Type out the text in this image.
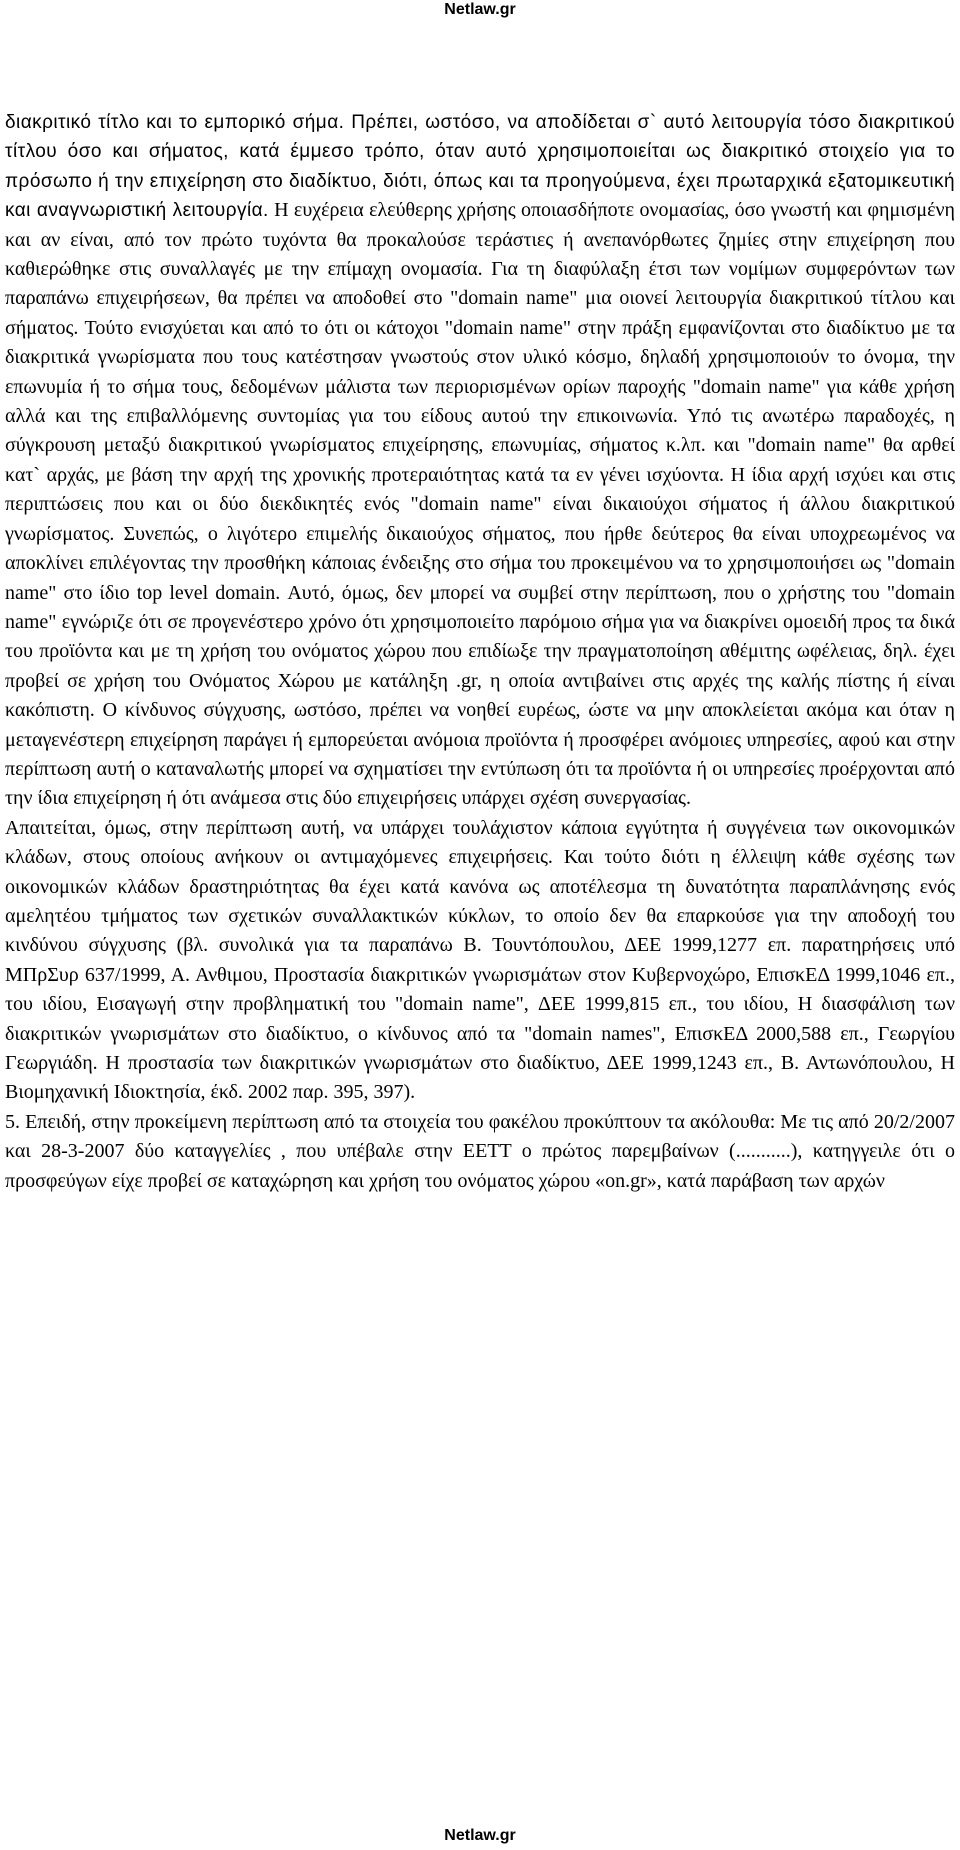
Netlaw.gr

διακριτικό τίτλο και το εμπορικό σήμα. Πρέπει, ωστόσο, να αποδίδεται σ` αυτό λειτουργία τόσο διακριτικού τίτλου όσο και σήματος, κατά έμμεσο τρόπο, όταν αυτό χρησιμοποιείται ως διακριτικό στοιχείο για το πρόσωπο ή την επιχείρηση στο διαδίκτυο, διότι, όπως και τα προηγούμενα, έχει πρωταρχικά εξατομικευτική και αναγνωριστική λειτουργία. Η ευχέρεια ελεύθερης χρήσης οποιασδήποτε ονομασίας, όσο γνωστή και φημισμένη και αν είναι, από τον πρώτο τυχόντα θα προκαλούσε τεράστιες ή ανεπανόρθωτες ζημίες στην επιχείρηση που καθιερώθηκε στις συναλλαγές με την επίμαχη ονομασία. Για τη διαφύλαξη έτσι των νομίμων συμφερόντων των παραπάνω επιχειρήσεων, θα πρέπει να αποδοθεί στο "domain name" μια οιονεί λειτουργία διακριτικού τίτλου και σήματος. Τούτο ενισχύεται και από το ότι οι κάτοχοι "domain name" στην πράξη εμφανίζονται στο διαδίκτυο με τα διακριτικά γνωρίσματα που τους κατέστησαν γνωστούς στον υλικό κόσμο, δηλαδή χρησιμοποιούν το όνομα, την επωνυμία ή το σήμα τους, δεδομένων μάλιστα των περιορισμένων ορίων παροχής "domain name" για κάθε χρήση αλλά και της επιβαλλόμενης συντομίας για του είδους αυτού την επικοινωνία. Υπό τις ανωτέρω παραδοχές, η σύγκρουση μεταξύ διακριτικού γνωρίσματος επιχείρησης, επωνυμίας, σήματος κ.λπ. και "domain name" θα αρθεί κατ` αρχάς, με βάση την αρχή της χρονικής προτεραιότητας κατά τα εν γένει ισχύοντα. Η ίδια αρχή ισχύει και στις περιπτώσεις που και οι δύο διεκδικητές ενός "domain name" είναι δικαιούχοι σήματος ή άλλου διακριτικού γνωρίσματος. Συνεπώς, ο λιγότερο επιμελής δικαιούχος σήματος, που ήρθε δεύτερος θα είναι υποχρεωμένος να αποκλίνει επιλέγοντας την προσθήκη κάποιας ένδειξης στο σήμα του προκειμένου να το χρησιμοποιήσει ως "domain name" στο ίδιο top level domain. Αυτό, όμως, δεν μπορεί να συμβεί στην περίπτωση, που ο χρήστης του "domain name" εγνώριζε ότι σε προγενέστερο χρόνο ότι χρησιμοποιείτο παρόμοιο σήμα για να διακρίνει ομοειδή προς τα δικά του προϊόντα και με τη χρήση του ονόματος χώρου που επιδίωξε την πραγματοποίηση αθέμιτης ωφέλειας, δηλ. έχει προβεί σε χρήση του Ονόματος Χώρου με κατάληξη .gr, η οποία αντιβαίνει στις αρχές της καλής πίστης ή είναι κακόπιστη. Ο κίνδυνος σύγχυσης, ωστόσο, πρέπει να νοηθεί ευρέως, ώστε να μην αποκλείεται ακόμα και όταν η μεταγενέστερη επιχείρηση παράγει ή εμπορεύεται ανόμοια προϊόντα ή προσφέρει ανόμοιες υπηρεσίες, αφού και στην περίπτωση αυτή ο καταναλωτής μπορεί να σχηματίσει την εντύπωση ότι τα προϊόντα ή οι υπηρεσίες προέρχονται από την ίδια επιχείρηση ή ότι ανάμεσα στις δύο επιχειρήσεις υπάρχει σχέση συνεργασίας.

Απαιτείται, όμως, στην περίπτωση αυτή, να υπάρχει τουλάχιστον κάποια εγγύτητα ή συγγένεια των οικονομικών κλάδων, στους οποίους ανήκουν οι αντιμαχόμενες επιχειρήσεις. Και τούτο διότι η έλλειψη κάθε σχέσης των οικονομικών κλάδων δραστηριότητας θα έχει κατά κανόνα ως αποτέλεσμα τη δυνατότητα παραπλάνησης ενός αμελητέου τμήματος των σχετικών συναλλακτικών κύκλων, το οποίο δεν θα επαρκούσε για την αποδοχή του κινδύνου σύγχυσης (βλ. συνολικά για τα παραπάνω Β. Τουντόπουλου, ΔΕΕ 1999,1277 επ. παρατηρήσεις υπό ΜΠρΣυρ 637/1999, Α. Ανθιμου, Προστασία διακριτικών γνωρισμάτων στον Κυβερνοχώρο, ΕπισκΕΔ 1999,1046 επ., του ιδίου, Εισαγωγή στην προβληματική του "domain name", ΔΕΕ 1999,815 επ., του ιδίου, Η διασφάλιση των διακριτικών γνωρισμάτων στο διαδίκτυο, ο κίνδυνος από τα "domain names", ΕπισκΕΔ 2000,588 επ., Γεωργίου Γεωργιάδη. Η προστασία των διακριτικών γνωρισμάτων στο διαδίκτυο, ΔΕΕ 1999,1243 επ., Β. Αντωνόπουλου, Η Βιομηχανική Ιδιοκτησία, έκδ. 2002 παρ. 395, 397).

5. Επειδή, στην προκείμενη περίπτωση από τα στοιχεία του φακέλου προκύπτουν τα ακόλουθα: Με τις από 20/2/2007 και 28-3-2007 δύο καταγγελίες , που υπέβαλε στην ΕΕΤΤ ο πρώτος παρεμβαίνων (...........), κατηγγειλε ότι ο προσφεύγων είχε προβεί σε καταχώρηση και χρήση του ονόματος χώρου «on.gr», κατά παράβαση των αρχών

Netlaw.gr
